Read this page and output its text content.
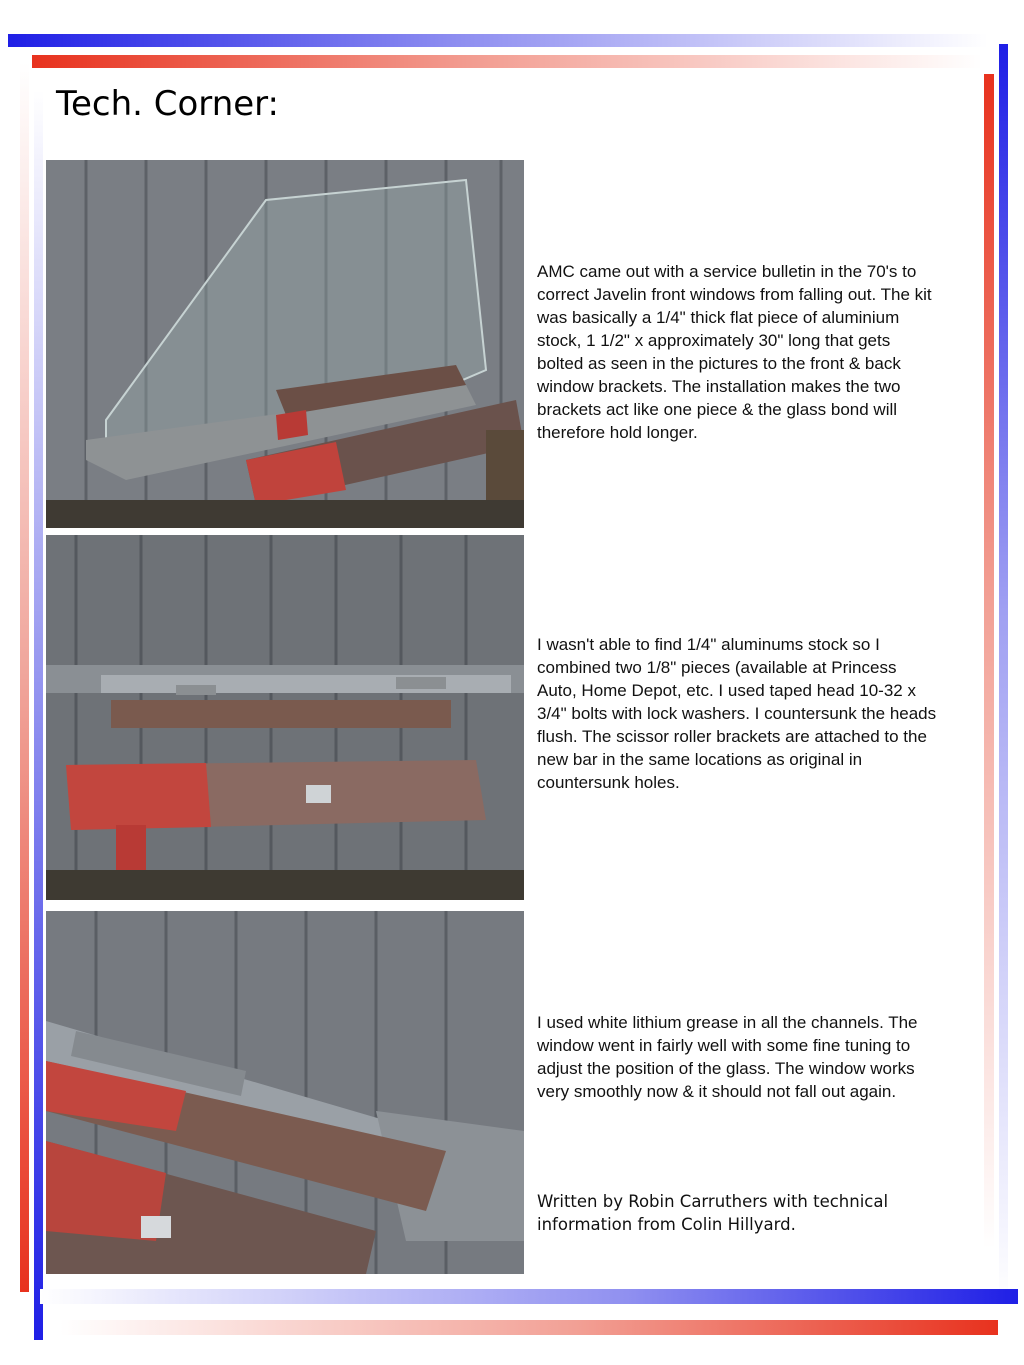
Tech. Corner:

AMC came out with a service bulletin in the 70's to correct Javelin front windows from falling out. The kit was basically a 1/4" thick flat piece of aluminium stock, 1 1/2" x approximately 30" long that gets bolted as seen in the pictures to the front & back window brackets. The installation makes the two brackets act like one piece & the glass bond will therefore hold longer.

I wasn't able to find 1/4" aluminums stock so I combined two 1/8" pieces (available at Princess Auto, Home Depot, etc. I used taped head 10-32 x 3/4" bolts with lock washers. I countersunk the heads flush. The scissor roller brackets are attached to the new bar in the same locations as original in countersunk holes.

I used white lithium grease in all the channels. The window went in fairly well with some fine tuning to adjust the position of the glass. The window works very smoothly now & it should not fall out again.

Written by Robin Carruthers with technical information from Colin Hillyard.
